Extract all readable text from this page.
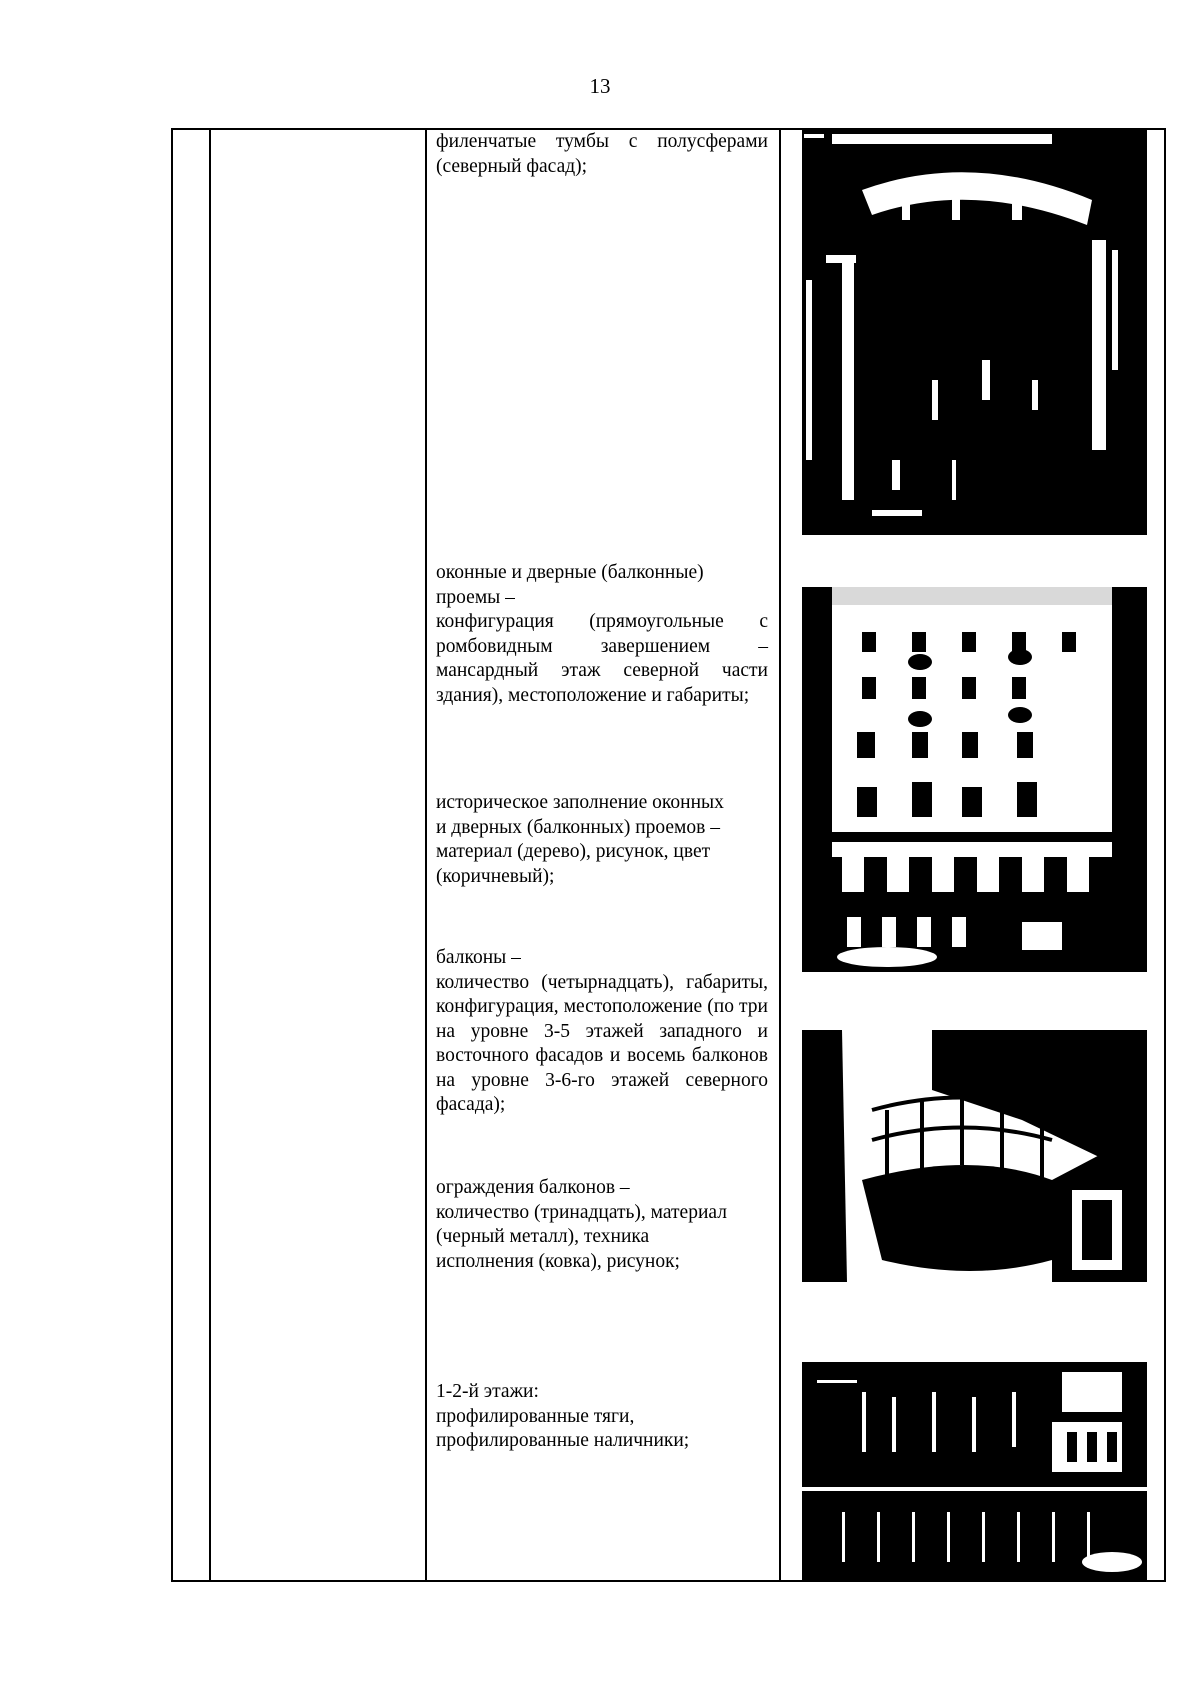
13

филенчатые тумбы с полусферами

(северный фасад);

оконные и дверные (балконные)

проемы –

конфигурация (прямоугольные с ромбовидным завершением – мансардный этаж северной части здания), местоположение и габариты;

историческое заполнение оконных

и дверных (балконных) проемов –

материал (дерево), рисунок, цвет

(коричневый);

балконы –

количество (четырнадцать), габариты, конфигурация, местоположение (по три на уровне 3-5 этажей западного и восточного фасадов и восемь балконов на уровне 3-6-го этажей северного фасада);

ограждения балконов –

количество (тринадцать), материал

(черный металл), техника

исполнения (ковка), рисунок;

1-2-й этажи:

профилированные тяги,

профилированные наличники;
